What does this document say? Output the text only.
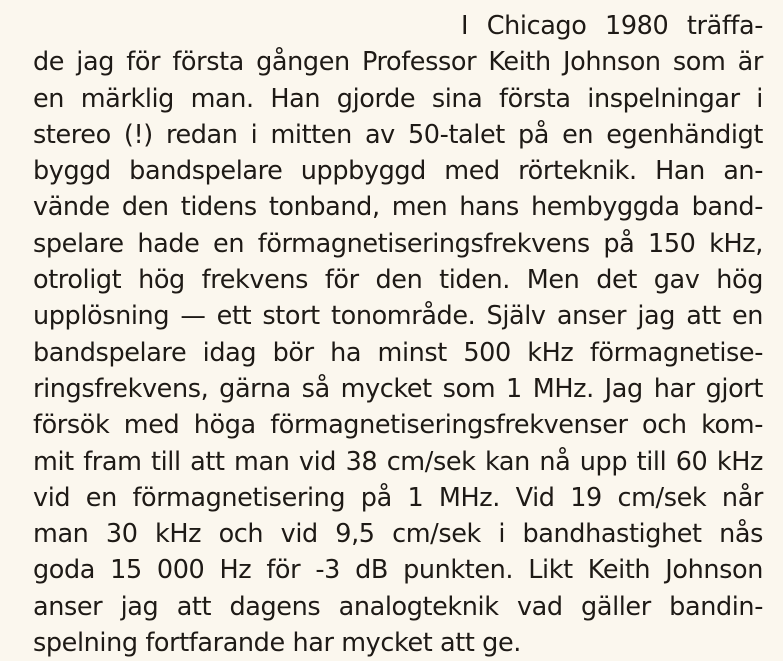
I Chicago 1980 träffa-
de jag för första gången Professor Keith Johnson som är
en märklig man. Han gjorde sina första inspelningar i
stereo (!) redan i mitten av 50-talet på en egenhändigt
byggd bandspelare uppbyggd med rörteknik. Han an-
vände den tidens tonband, men hans hembyggda band-
spelare hade en förmagnetiseringsfrekvens på 150 kHz,
otroligt hög frekvens för den tiden. Men det gav hög
upplösning — ett stort tonområde. Själv anser jag att en
bandspelare idag bör ha minst 500 kHz förmagnetise-
ringsfrekvens, gärna så mycket som 1 MHz. Jag har gjort
försök med höga förmagnetiseringsfrekvenser och kom-
mit fram till att man vid 38 cm/sek kan nå upp till 60 kHz
vid en förmagnetisering på 1 MHz. Vid 19 cm/sek når
man 30 kHz och vid 9,5 cm/sek i bandhastighet nås
goda 15 000 Hz för -3 dB punkten. Likt Keith Johnson
anser jag att dagens analogteknik vad gäller bandin-
spelning fortfarande har mycket att ge.
